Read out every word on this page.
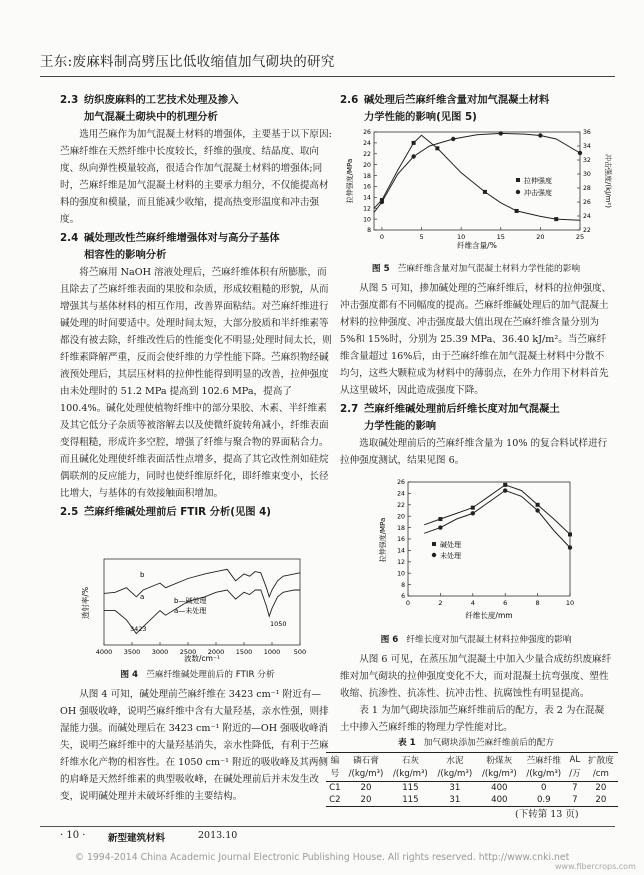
王东:废麻料制高劈压比低收缩值加气砌块的研究
2.3 纺织废麻料的工艺技术处理及掺入
加气混凝土砌块中的机理分析

选用苎麻作为加气混凝土材料的增强体，主要基于以下原因:苎麻纤维在天然纤维中长度较长，纤维的强度、结晶度、取向度、纵向弹性模量较高，很适合作加气混凝土材料的增强体;同时，苎麻纤维是加气混凝土材料的主要承力组分，不仅能提高材料的强度和模量，而且能减少收缩，提高热变形温度和冲击强度。

2.4 碱处理改性苎麻纤维增强体对与高分子基体
相容性的影响分析

将苎麻用 NaOH 溶液处理后，苎麻纤维体积有所膨胀，而且除去了苎麻纤维表面的果胶和杂质，形成较粗糙的形貌，从而增强其与基体材料的相互作用，改善界面粘结。对苎麻纤维进行碱处理的时间要适中。处理时间太短，大部分胶质和半纤维素等都没有被去除，纤维改性后的性能变化不明显;处理时间太长，则纤维素降解严重，反而会使纤维的力学性能下降。苎麻织物经碱液预处理后，其层压材料的拉伸性能得到明显的改善，拉伸强度由未处理时的 51.2 MPa 提高到 102.6 MPa，提高了 100.4%。碱化处理使植物纤维中的部分果胶、木素、半纤维素及其它低分子杂质等被溶解去以及使微纤旋转角减小，纤维表面变得粗糙，形成许多空腔，增强了纤维与聚合物的界面粘合力。而且碱化处理使纤维表面活性点增多，提高了其它改性剂如硅烷偶联剂的反应能力，同时也使纤维原纤化，即纤维束变小，长径比增大，与基体的有效接触面积增加。

2.5 苎麻纤维碱处理前后 FTIR 分析(见图 4)
4000 3500 3000 2500 2000 1500 1000 500
透射率/%
波数/cm⁻¹
3423
1050
b
a	b—碱处理
a—未处理
图 4 苎麻纤维碱处理前后的 FTIR 分析

从图 4 可知，碱处理前苎麻纤维在 3423 cm⁻¹ 附近有—OH 强吸收峰，说明苎麻纤维中含有大量羟基，亲水性强，则排湿能力强。而碱处理后在 3423 cm⁻¹ 附近的—OH 强吸收峰消失，说明苎麻纤维中的大量羟基消失，亲水性降低，有利于苎麻纤维水化产物的相容性。在 1050 cm⁻¹ 附近的吸收峰及其两侧的肩峰是天然纤维素的典型吸收峰，在碱处理前后并未发生改变，说明碱处理并未破坏纤维的主要结构。

2.6 碱处理后苎麻纤维含量对加气混凝土材料
力学性能的影响(见图 5)
0	5	10	15	20	25
8
10
12
14
16
18
20
22
24
26
22
24
26
28
30
32
34
36
拉伸强度/MPa	冲击强度/(kJ/m²)
纤维含量/%
拉伸强度
冲击强度
图 5 苎麻纤维含量对加气混凝土材料力学性能的影响

从图 5 可知，掺加碱处理的苎麻纤维后，材料的拉伸强度、冲击强度都有不同幅度的提高。苎麻纤维碱处理后的加气混凝土材料的拉伸强度、冲击强度最大值出现在苎麻纤维含量分别为 5%和 15%时，分别为 25.39 MPa、36.40 kJ/m²。当苎麻纤维含量超过 16%后，由于苎麻纤维在加气混凝土材料中分散不均匀，这些大颗粒成为材料中的薄弱点，在外力作用下材料首先从这里破坏，因此造成强度下降。

2.7 苎麻纤维碱处理前后纤维长度对加气混凝土
力学性能的影响

选取碱处理前后的苎麻纤维含量为 10% 的复合料试样进行拉伸强度测试，结果见图 6。

0	2	4	6	8	10
6
8
10
12
14
16
18
20
22
24
26
拉伸强度/MPa
纤维长度/mm
碱处理
未处理
图 6 纤维长度对加气混凝土材料拉伸强度的影响

从图 6 可见，在蒸压加气混凝土中加入少量合成纺织废麻纤维对加气砌块的拉伸强度变化不大，而对混凝土抗弯强度、塑性收缩、抗渗性、抗冻性、抗冲击性、抗腐蚀性有明显提高。

表 1 为加气砌块添加苎麻纤维前后的配方，表 2 为在混凝土中掺入苎麻纤维的物理力学性能对比。

表 1 加气砌块添加苎麻纤维前后的配方
编	磷石膏	石灰	水泥	粉煤灰	苎麻纤维	AL	扩散度
号	/(kg/m³)	/(kg/m³)	/(kg/m³)	/(kg/m³)	/(kg/m³)	/万	/cm
C1	20	115	31	400	0	7	20
C2	20	115	31	400	0.9	7	20
(下转第 13 页)
· 10 · 新型建筑材料	2013.10
© 1994-2014 China Academic Journal Electronic Publishing House. All rights reserved. http://www.cnki.net
www.fibercrops.com
